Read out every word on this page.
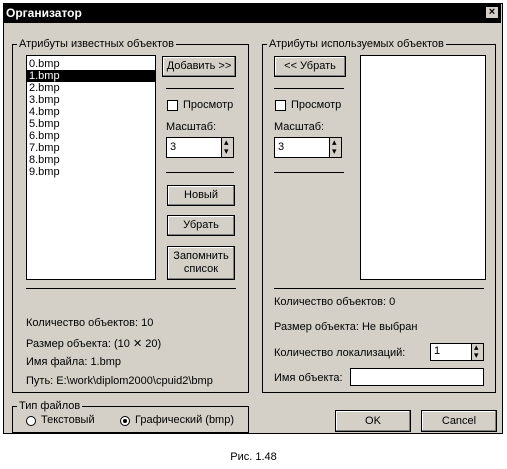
Организатор	×
Атрибуты известных объектов
0.bmp
1.bmp
2.bmp
3.bmp
4.bmp
5.bmp
6.bmp
7.bmp
8.bmp
9.bmp
Добавить >>
Просмотр
Масштаб:
3	▴
▾
Новый
Убрать
Запомнить
список
Количество объектов: 10
Размер объекта: (10 ✕ 20)
Имя файла: 1.bmp
Путь: E:\work\diplom2000\cpuid2\bmp
Атрибуты используемых объектов
<< Убрать
Просмотр
Масштаб:
3	▴
▾
Количество объектов: 0
Размер объекта: Не выбран
Количество локализаций:	1	▴
▾
Имя объекта:
Тип файлов
Текстовый	Графический (bmp)	OK	Cancel
Рис. 1.48
